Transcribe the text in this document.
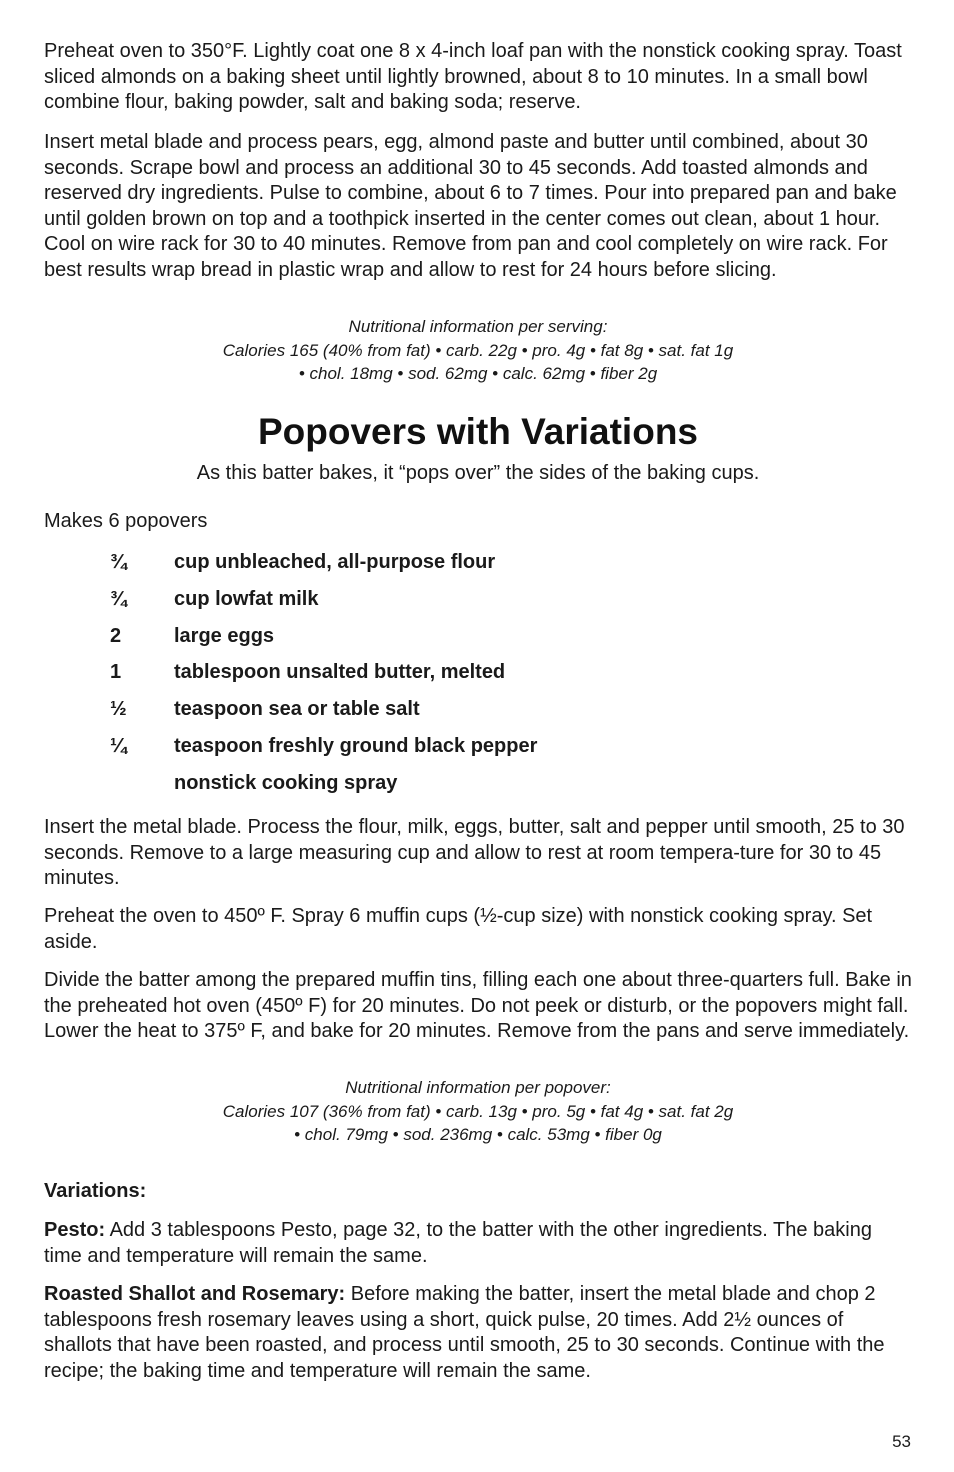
Preheat oven to 350°F. Lightly coat one 8 x 4-inch loaf pan with the nonstick cooking spray. Toast sliced almonds on a baking sheet until lightly browned, about 8 to 10 minutes. In a small bowl combine flour, baking powder, salt and baking soda; reserve.

Insert metal blade and process pears, egg, almond paste and butter until combined, about 30 seconds. Scrape bowl and process an additional 30 to 45 seconds. Add toasted almonds and reserved dry ingredients. Pulse to combine, about 6 to 7 times. Pour into prepared pan and bake until golden brown on top and a toothpick inserted in the center comes out clean, about 1 hour. Cool on wire rack for 30 to 40 minutes. Remove from pan and cool completely on wire rack. For best results wrap bread in plastic wrap and allow to rest for 24 hours before slicing.

Nutritional information per serving:

Calories 165 (40% from fat) • carb. 22g • pro. 4g • fat 8g • sat. fat 1g

• chol. 18mg • sod. 62mg • calc. 62mg • fiber 2g

Popovers with Variations

As this batter bakes, it “pops over” the sides of the baking cups.

Makes 6 popovers

¾	cup unbleached, all-purpose flour
¾	cup lowfat milk
2	large eggs
1	tablespoon unsalted butter, melted
½	teaspoon sea or table salt
¼	teaspoon freshly ground black pepper
nonstick cooking spray

Insert the metal blade. Process the flour, milk, eggs, butter, salt and pepper until smooth, 25 to 30 seconds. Remove to a large measuring cup and allow to rest at room tempera-ture for 30 to 45 minutes.

Preheat the oven to 450º F. Spray 6 muffin cups (½-cup size) with nonstick cooking spray. Set aside.

Divide the batter among the prepared muffin tins, filling each one about three-quarters full. Bake in the preheated hot oven (450º F) for 20 minutes. Do not peek or disturb, or the popovers might fall. Lower the heat to 375º F, and bake for 20 minutes. Remove from the pans and serve immediately.

Nutritional information per popover:

Calories 107 (36% from fat) • carb. 13g • pro. 5g • fat 4g • sat. fat 2g

• chol. 79mg • sod. 236mg • calc. 53mg • fiber 0g

Variations:

Pesto: Add 3 tablespoons Pesto, page 32, to the batter with the other ingredients. The baking time and temperature will remain the same.

Roasted Shallot and Rosemary: Before making the batter, insert the metal blade and chop 2 tablespoons fresh rosemary leaves using a short, quick pulse, 20 times. Add 2½ ounces of shallots that have been roasted, and process until smooth, 25 to 30 seconds. Continue with the recipe; the baking time and temperature will remain the same.

53
